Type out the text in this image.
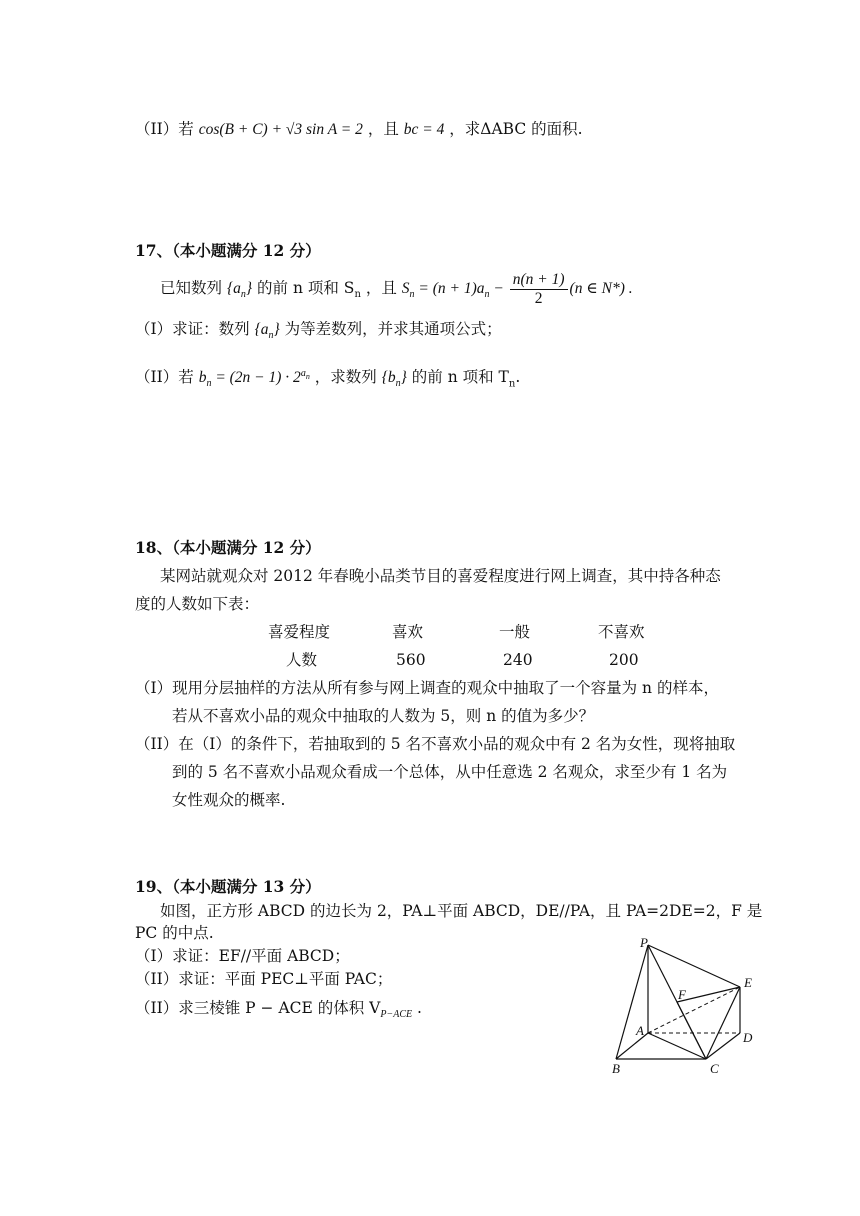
（II）若 cos(B + C) + √3 sin A = 2 ，且 bc = 4 ，求ΔABC 的面积.
17、（本小题满分 12 分）
已知数列 $\{a_n\}$ 的前 n 项和 $S_n$ ，且 $S_n = (n + 1)a_n - \frac{n(n + 1)}{2} (n$ ∈ N*) .
（I）求证：数列 $\{a_n\}$ 为等差数列，并求其通项公式；
（II）若 $b_n = (2n - 1) \cdot 2^{a_n}$ ，求数列 $\{b_n\}$ 的前 n 项和 $T_n$.
18、（本小题满分 12 分）
某网站就观众对 2012 年春晚小品类节目的喜爱程度进行网上调查，其中持各种态
度的人数如下表：
喜爱程度	喜欢	一般	不喜欢
人数	560	240	200
（I）现用分层抽样的方法从所有参与网上调查的观众中抽取了一个容量为 n 的样本，
若从不喜欢小品的观众中抽取的人数为 5，则 n 的值为多少？
（II）在（I）的条件下，若抽取到的 5 名不喜欢小品的观众中有 2 名为女性，现将抽取
到的 5 名不喜欢小品观众看成一个总体，从中任意选 2 名观众，求至少有 1 名为
女性观众的概率.
19、（本小题满分 13 分）
如图，正方形 ABCD 的边长为 2，PA⊥平面 ABCD，DE//PA，且 PA=2DE=2，F 是
PC 的中点.
（I）求证：EF//平面 ABCD；
（II）求证：平面 PEC⊥平面 PAC；
（II）求三棱锥 P − ACE 的体积 $V_{P-ACE}$ .
P
E
F
A	D
B	C
